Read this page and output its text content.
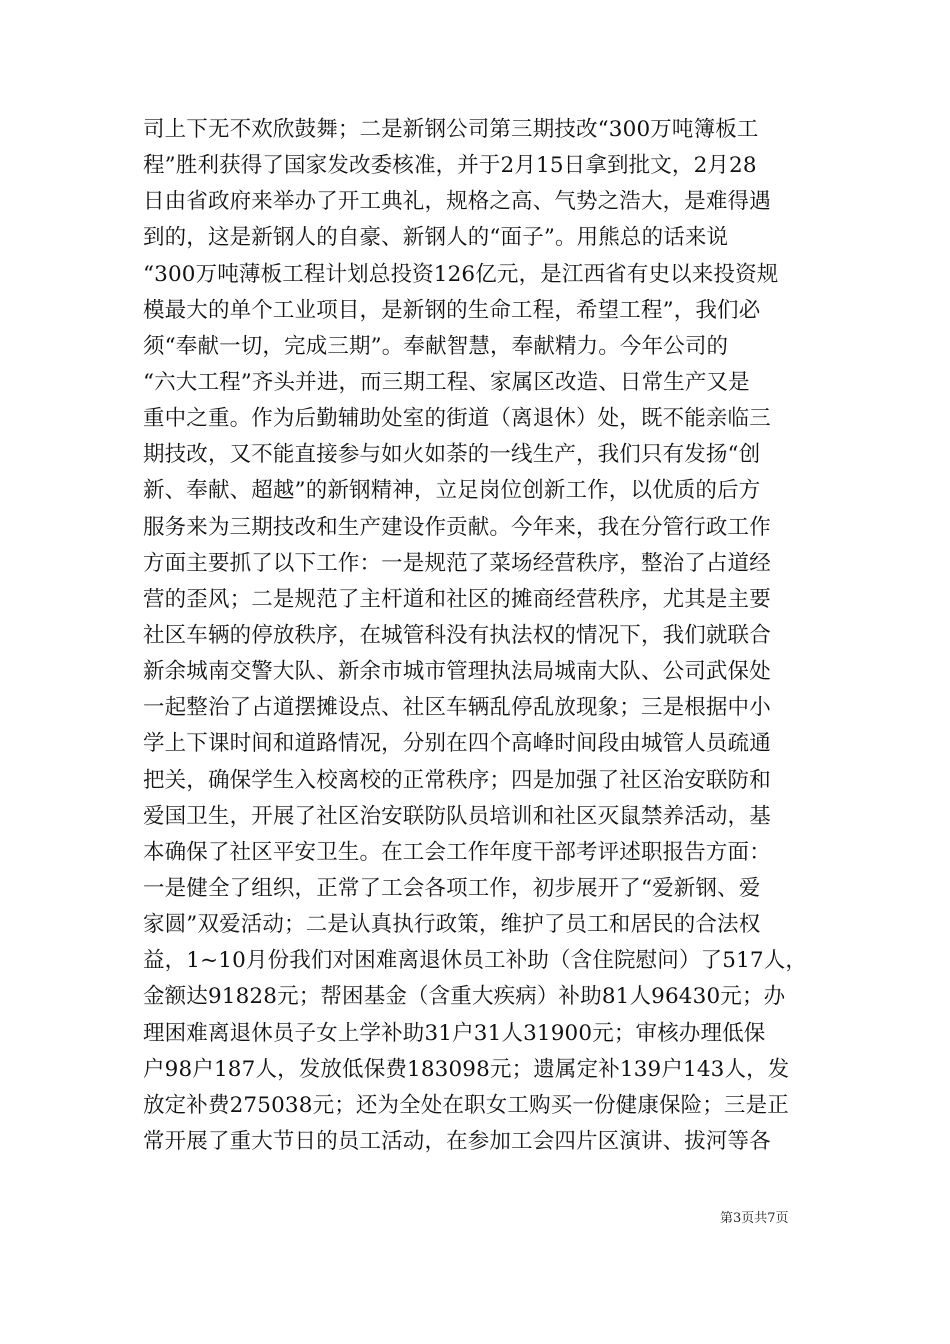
司上下无不欢欣鼓舞；二是新钢公司第三期技改“300万吨簿板工
程”胜利获得了国家发改委核准，并于2月15日拿到批文，2月28
日由省政府来举办了开工典礼，规格之高、气势之浩大，是难得遇
到的，这是新钢人的自豪、新钢人的“面子”。用熊总的话来说
“300万吨薄板工程计划总投资126亿元，是江西省有史以来投资规
模最大的单个工业项目，是新钢的生命工程，希望工程”，我们必
须“奉献一切，完成三期”。奉献智慧，奉献精力。今年公司的
“六大工程”齐头并进，而三期工程、家属区改造、日常生产又是
重中之重。作为后勤辅助处室的街道（离退休）处，既不能亲临三
期技改，又不能直接参与如火如荼的一线生产，我们只有发扬“创
新、奉献、超越”的新钢精神，立足岗位创新工作，以优质的后方
服务来为三期技改和生产建设作贡献。今年来，我在分管行政工作
方面主要抓了以下工作：一是规范了菜场经营秩序，整治了占道经
营的歪风；二是规范了主杆道和社区的摊商经营秩序，尤其是主要
社区车辆的停放秩序，在城管科没有执法权的情况下，我们就联合
新余城南交警大队、新余市城市管理执法局城南大队、公司武保处
一起整治了占道摆摊设点、社区车辆乱停乱放现象；三是根据中小
学上下课时间和道路情况，分别在四个高峰时间段由城管人员疏通
把关，确保学生入校离校的正常秩序；四是加强了社区治安联防和
爱国卫生，开展了社区治安联防队员培训和社区灭鼠禁养活动，基
本确保了社区平安卫生。在工会工作年度干部考评述职报告方面：
一是健全了组织，正常了工会各项工作，初步展开了“爱新钢、爱
家圆”双爱活动；二是认真执行政策，维护了员工和居民的合法权
益，1~10月份我们对困难离退休员工补助（含住院慰问）了517人，
金额达91828元；帮困基金（含重大疾病）补助81人96430元；办
理困难离退休员子女上学补助31户31人31900元；审核办理低保
户98户187人，发放低保费183098元；遗属定补139户143人，发
放定补费275038元；还为全处在职女工购买一份健康保险；三是正
常开展了重大节日的员工活动，在参加工会四片区演讲、拔河等各
第3页共7页
